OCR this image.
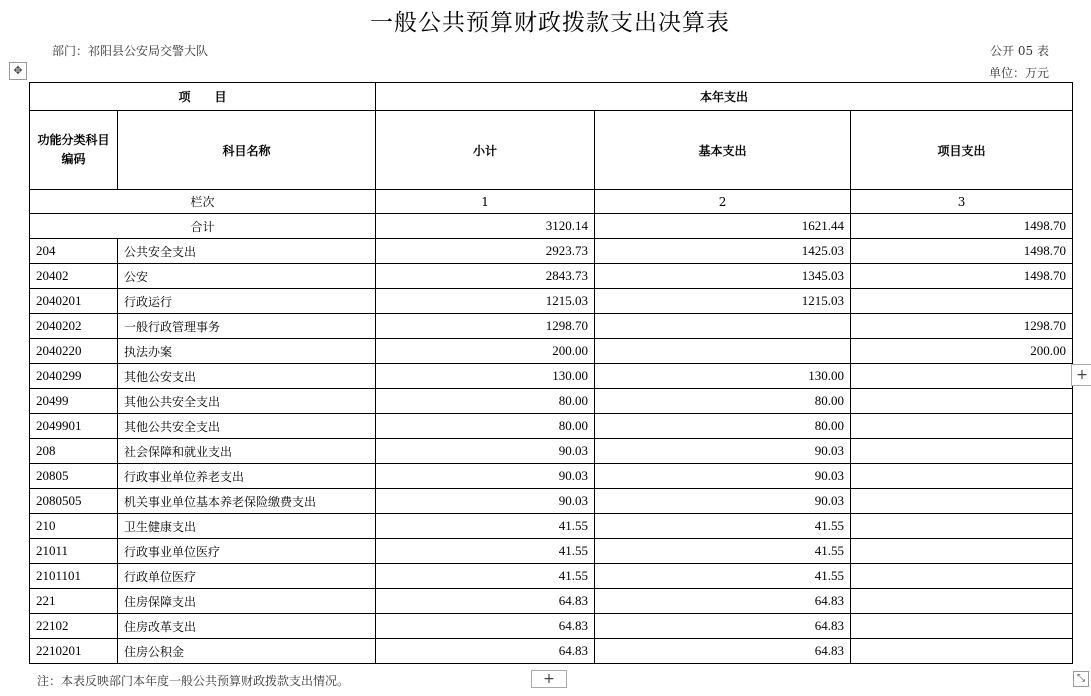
一般公共预算财政拨款支出决算表
部门：祁阳县公安局交警大队	公开 05 表
单位：万元
✥
项　　目		本年支出		
功能分类科目编码	科目名称	小计	基本支出	项目支出
栏次		1	2	3
合计		3120.14	1621.44	1498.70
204	公共安全支出	2923.73	1425.03	1498.70
20402	公安	2843.73	1345.03	1498.70
2040201	行政运行	1215.03	1215.03	
2040202	一般行政管理事务	1298.70		1298.70
2040220	执法办案	200.00		200.00
2040299	其他公安支出	130.00	130.00	
20499	其他公共安全支出	80.00	80.00	
2049901	其他公共安全支出	80.00	80.00	
208	社会保障和就业支出	90.03	90.03	
20805	行政事业单位养老支出	90.03	90.03	
2080505	机关事业单位基本养老保险缴费支出	90.03	90.03	
210	卫生健康支出	41.55	41.55	
21011	行政事业单位医疗	41.55	41.55	
2101101	行政单位医疗	41.55	41.55	
221	住房保障支出	64.83	64.83	
22102	住房改革支出	64.83	64.83	
2210201	住房公积金	64.83	64.83	
注：本表反映部门本年度一般公共预算财政拨款支出情况。
+
+	⤡
